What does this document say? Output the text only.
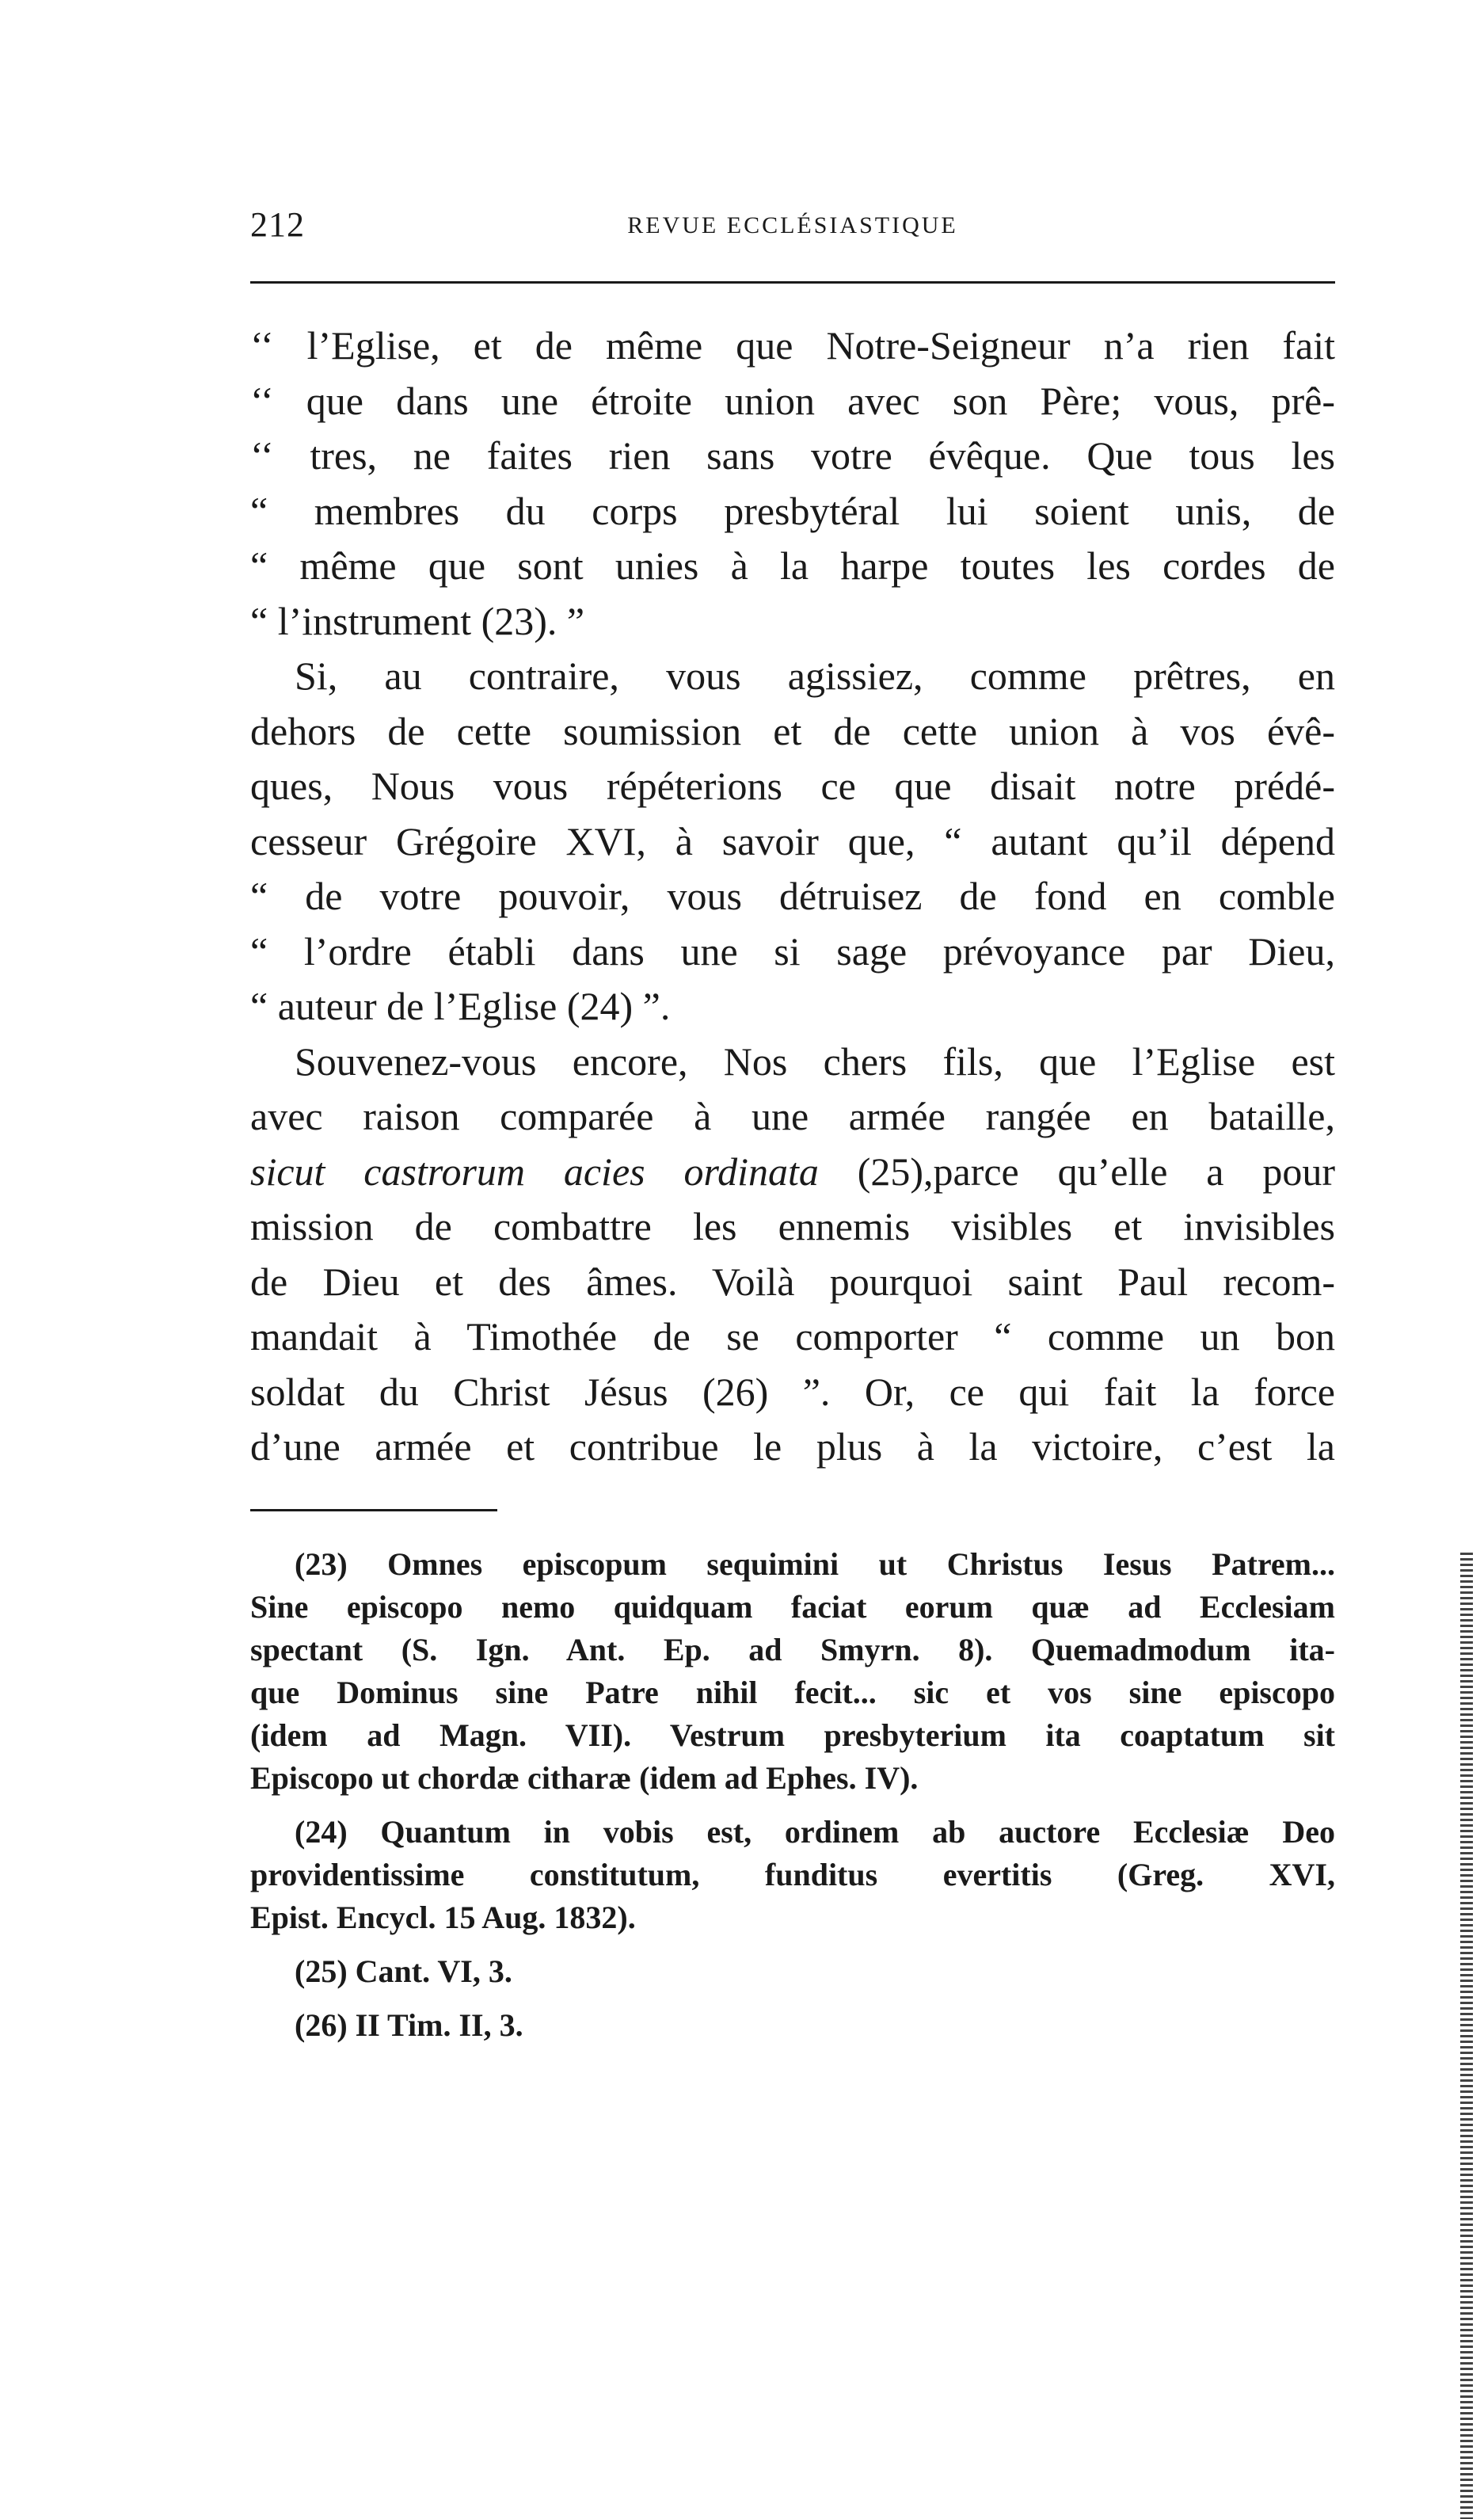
212	REVUE ECCLÉSIASTIQUE
‘‘ l’Eglise, et de même que Notre-Seigneur n’a rien fait
‘‘ que dans une étroite union avec son Père; vous, prê-
‘‘ tres, ne faites rien sans votre évêque. Que tous les
“ membres du corps presbytéral lui soient unis, de
“ même que sont unies à la harpe toutes les cordes de
“ l’instrument (23). ”
Si, au contraire, vous agissiez, comme prêtres, en
dehors de cette soumission et de cette union à vos évê-
ques, Nous vous répéterions ce que disait notre prédé-
cesseur Grégoire XVI, à savoir que, “ autant qu’il dépend
“ de votre pouvoir, vous détruisez de fond en comble
“ l’ordre établi dans une si sage prévoyance par Dieu,
“ auteur de l’Eglise (24) ”.
Souvenez-vous encore, Nos chers fils, que l’Eglise est
avec raison comparée à une armée rangée en bataille,
sicut castrorum acies ordinata (25),parce qu’elle a pour
mission de combattre les ennemis visibles et invisibles
de Dieu et des âmes. Voilà pourquoi saint Paul recom-
mandait à Timothée de se comporter “ comme un bon
soldat du Christ Jésus (26) ”. Or, ce qui fait la force
d’une armée et contribue le plus à la victoire, c’est la
(23) Omnes episcopum sequimini ut Christus Iesus Patrem...
Sine episcopo nemo quidquam faciat eorum quæ ad Ecclesiam
spectant (S. Ign. Ant. Ep. ad Smyrn. 8). Quemadmodum ita-
que Dominus sine Patre nihil fecit... sic et vos sine episcopo
(idem ad Magn. VII). Vestrum presbyterium ita coaptatum sit
Episcopo ut chordæ citharæ (idem ad Ephes. IV).
(24) Quantum in vobis est, ordinem ab auctore Ecclesiæ Deo
providentissime constitutum, funditus evertitis (Greg. XVI,
Epist. Encycl. 15 Aug. 1832).
(25) Cant. VI, 3.
(26) II Tim. II, 3.
